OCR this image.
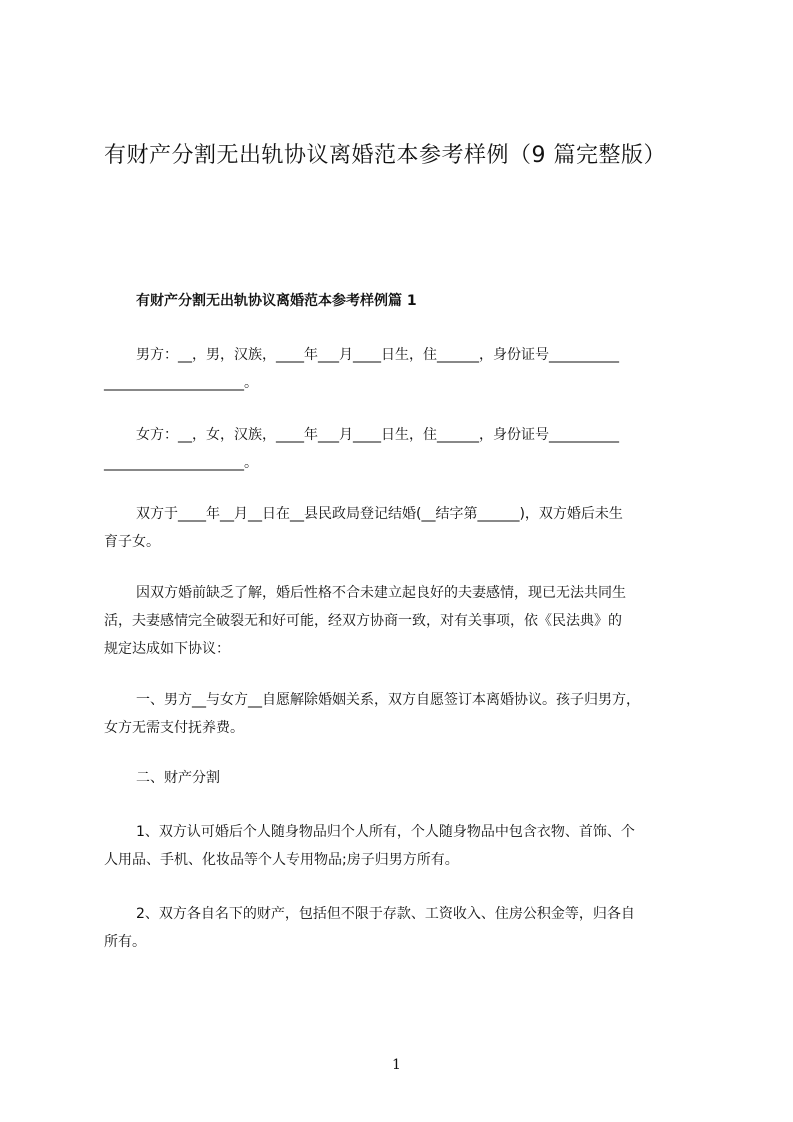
有财产分割无出轨协议离婚范本参考样例（9 篇完整版）
有财产分割无出轨协议离婚范本参考样例篇 1

男方：__，男，汉族，____年___月____日生，住______，身份证号__________
____________________。

女方：__，女，汉族，____年___月____日生，住______，身份证号__________
____________________。

双方于____年__月__日在__县民政局登记结婚(__结字第______)，双方婚后未生
育子女。

因双方婚前缺乏了解，婚后性格不合未建立起良好的夫妻感情，现已无法共同生
活，夫妻感情完全破裂无和好可能，经双方协商一致，对有关事项，依《民法典》的
规定达成如下协议：

一、男方__与女方__自愿解除婚姻关系，双方自愿签订本离婚协议。孩子归男方，
女方无需支付抚养费。

二、财产分割

1、双方认可婚后个人随身物品归个人所有，个人随身物品中包含衣物、首饰、个
人用品、手机、化妆品等个人专用物品;房子归男方所有。

2、双方各自名下的财产，包括但不限于存款、工资收入、住房公积金等，归各自
所有。

1
